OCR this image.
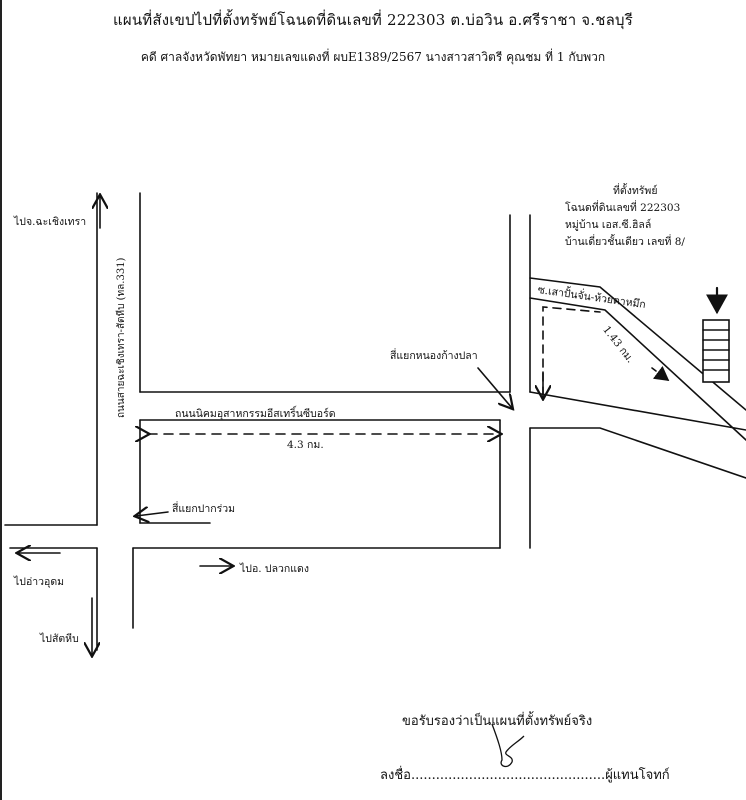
แผนที่สังเขปไปที่ตั้งทรัพย์โฉนดที่ดินเลขที่ 222303 ต.บ่อวิน อ.ศรีราชา จ.ชลบุรี
คดี ศาลจังหวัดพัทยา หมายเลขแดงที่ ผบE1389/2567 นางสาวสาวิตรี คุณชม ที่ 1 กับพวก
ไปจ.ฉะเชิงเทรา
ถนนสายฉะเชิงเทรา-สัตหีบ (ทล.331)	ถนนนิคมอุสาหกรรมอีสเทริ์นซีบอร์ด
4.3 กม.
สี่แยกหนองก้างปลา
ซ.เสาปั้นจั่น-ห้วยตาหมึก
1.43 กม.
สี่แยกปากร่วม
ไปอ่าวอุดม
ไปสัตหีบ
ไปอ. ปลวกแดง
ที่ตั้งทรัพย์
โฉนดที่ดินเลขที่ 222303
หมู่บ้าน เอส.ซี.ฮิลล์
บ้านเดี่ยวชั้นเดียว เลขที่ 8/
ขอรับรองว่าเป็นแผนที่ตั้งทรัพย์จริง
ลงชื่อ...............................................ผู้แทนโจทก์
